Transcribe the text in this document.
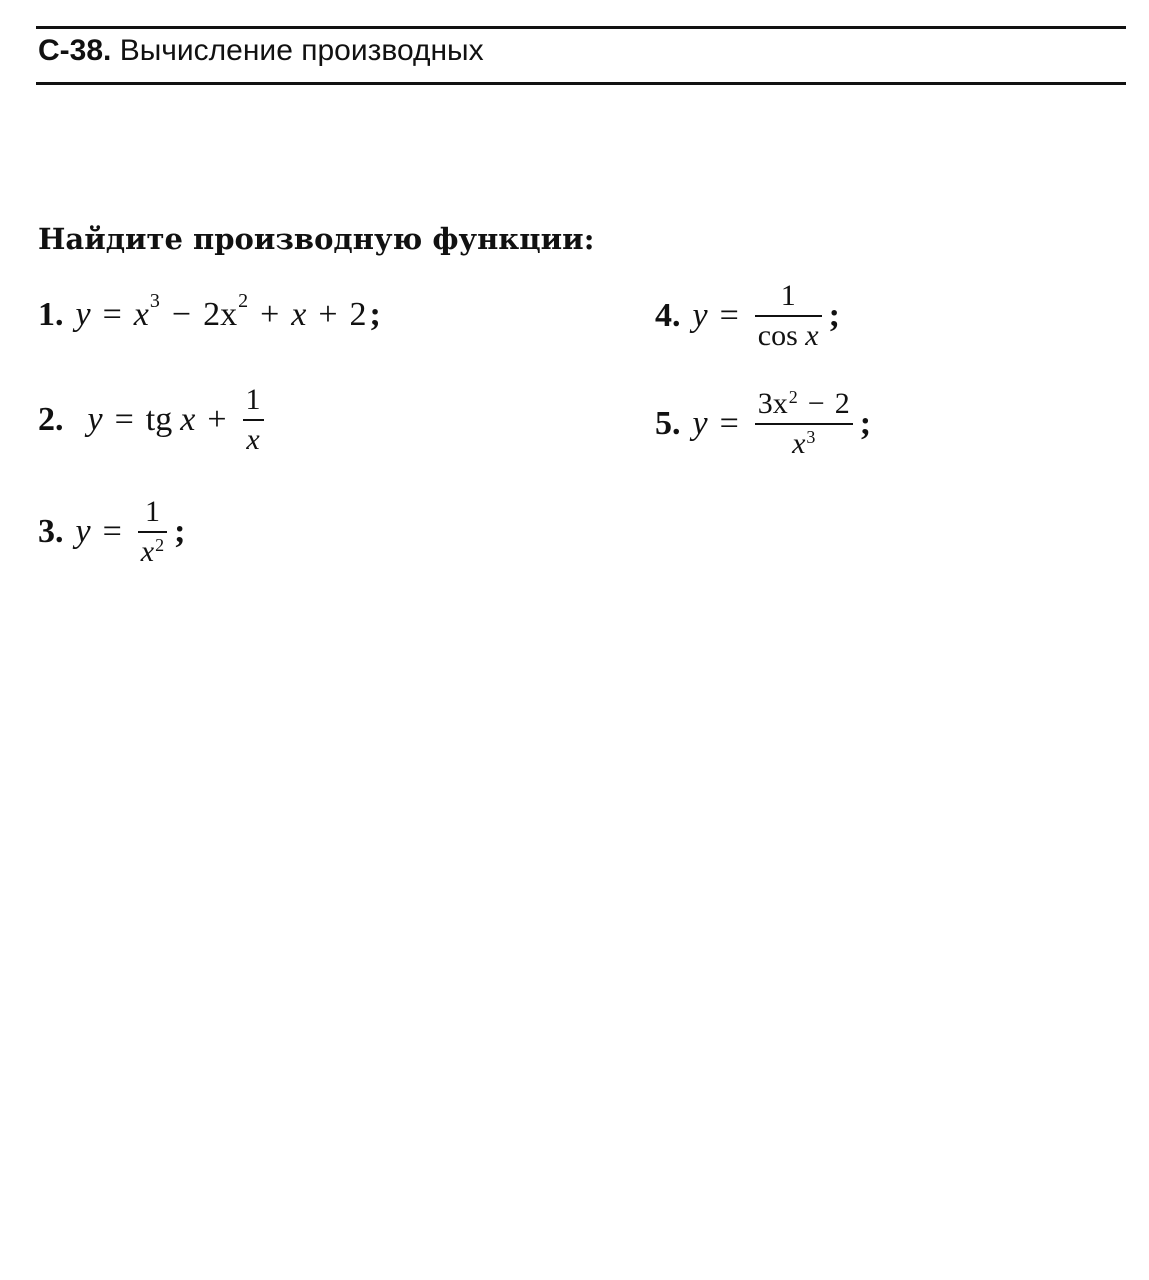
С-38. Вычисление производных
Найдите производную функции:
1. y = x 3 − 2x 2 + x + 2 ;
2. y = tg $x + \frac{1}{x}$
3. $y = \frac{1}{x^2}$ ;
4. $y = \frac{1}{\text{cos x}}$ ;
5. $y = \frac{3x^2 - 2}{x^3}$ ;
